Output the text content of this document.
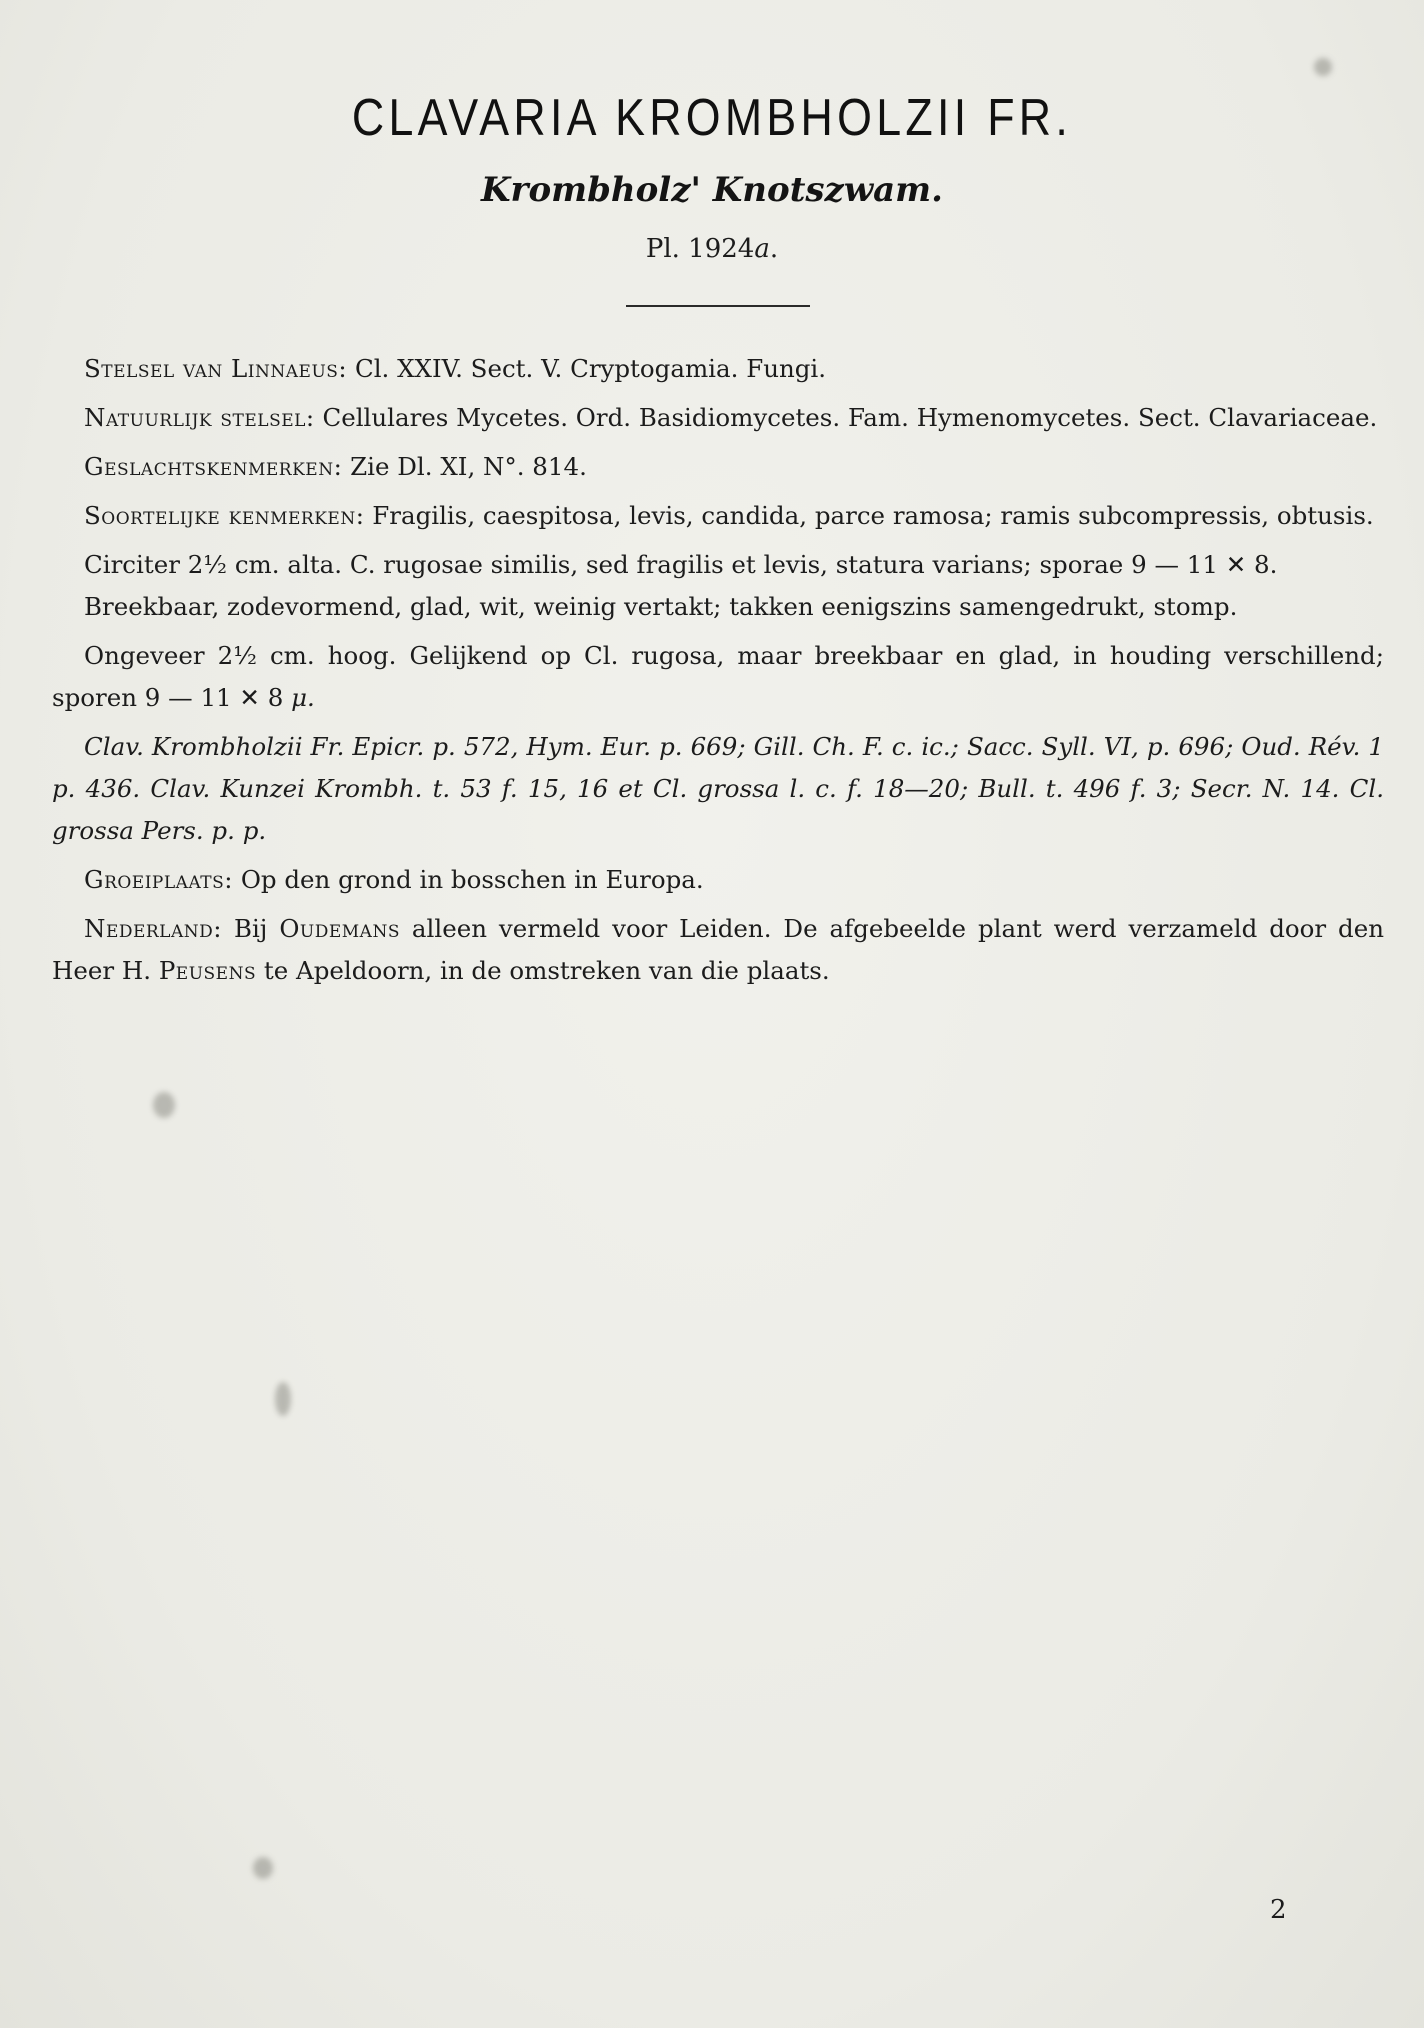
CLAVARIA KROMBHOLZII FR.
Krombholz' Knotszwam.
Pl. 1924a.

Stelsel van Linnaeus: Cl. XXIV. Sect. V. Cryptogamia. Fungi.

Natuurlijk stelsel: Cellulares Mycetes. Ord. Basidiomycetes. Fam. Hymenomycetes. Sect. Clavariaceae.

Geslachtskenmerken: Zie Dl. XI, N°. 814.

Soortelijke kenmerken: Fragilis, caespitosa, levis, candida, parce ramosa; ramis subcompressis, obtusis.

Circiter 2½ cm. alta. C. rugosae similis, sed fragilis et levis, statura varians; sporae 9 — 11 ✕ 8.

Breekbaar, zodevormend, glad, wit, weinig vertakt; takken eenigszins samengedrukt, stomp.

Ongeveer 2½ cm. hoog. Gelijkend op Cl. rugosa, maar breekbaar en glad, in houding verschillend; sporen 9 — 11 ✕ 8 μ.

Clav. Krombholzii Fr. Epicr. p. 572, Hym. Eur. p. 669; Gill. Ch. F. c. ic.; Sacc. Syll. VI, p. 696; Oud. Rév. 1 p. 436. Clav. Kunzei Krombh. t. 53 f. 15, 16 et Cl. grossa l. c. f. 18—20; Bull. t. 496 f. 3; Secr. N. 14. Cl. grossa Pers. p. p.

Groeiplaats: Op den grond in bosschen in Europa.

Nederland: Bij Oudemans alleen vermeld voor Leiden. De afgebeelde plant werd verzameld door den Heer H. Peusens te Apeldoorn, in de omstreken van die plaats.

2
